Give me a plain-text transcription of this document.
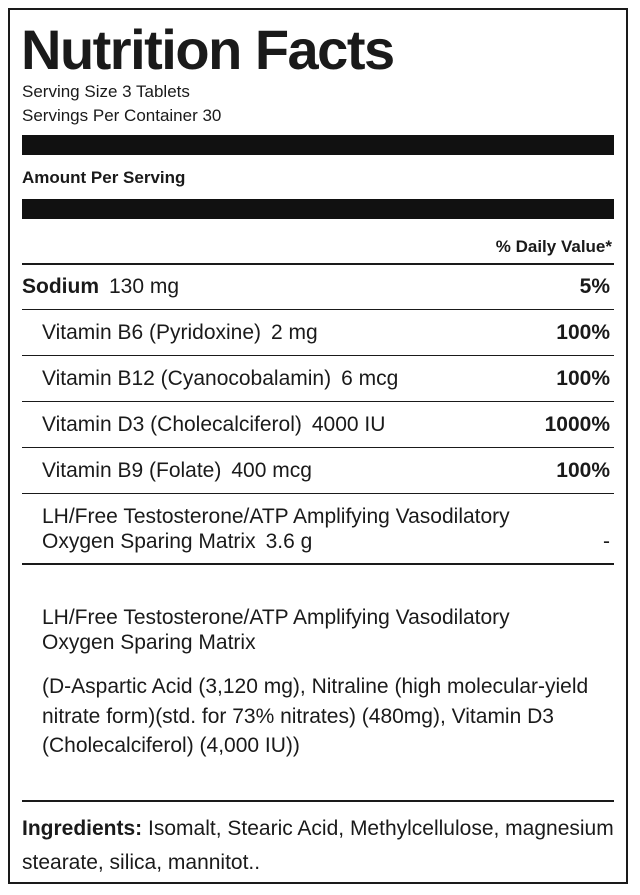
Nutrition Facts
Serving Size 3 Tablets
Servings Per Container 30
Amount Per Serving
% Daily Value*
Sodium 130 mg	5%
Vitamin B6 (Pyridoxine) 2 mg	100%
Vitamin B12 (Cyanocobalamin) 6 mcg	100%
Vitamin D3 (Cholecalciferol) 4000 IU	1000%
Vitamin B9 (Folate) 400 mcg	100%
LH/Free Testosterone/ATP Amplifying Vasodilatory
Oxygen Sparing Matrix 3.6 g	-
LH/Free Testosterone/ATP Amplifying Vasodilatory
Oxygen Sparing Matrix
(D-Aspartic Acid (3,120 mg), Nitraline (high molecular-yield nitrate form)(std. for 73% nitrates) (480mg), Vitamin D3 (Cholecalciferol) (4,000 IU))
Ingredients: Isomalt, Stearic Acid, Methylcellulose, magnesium stearate, silica, mannitot..
